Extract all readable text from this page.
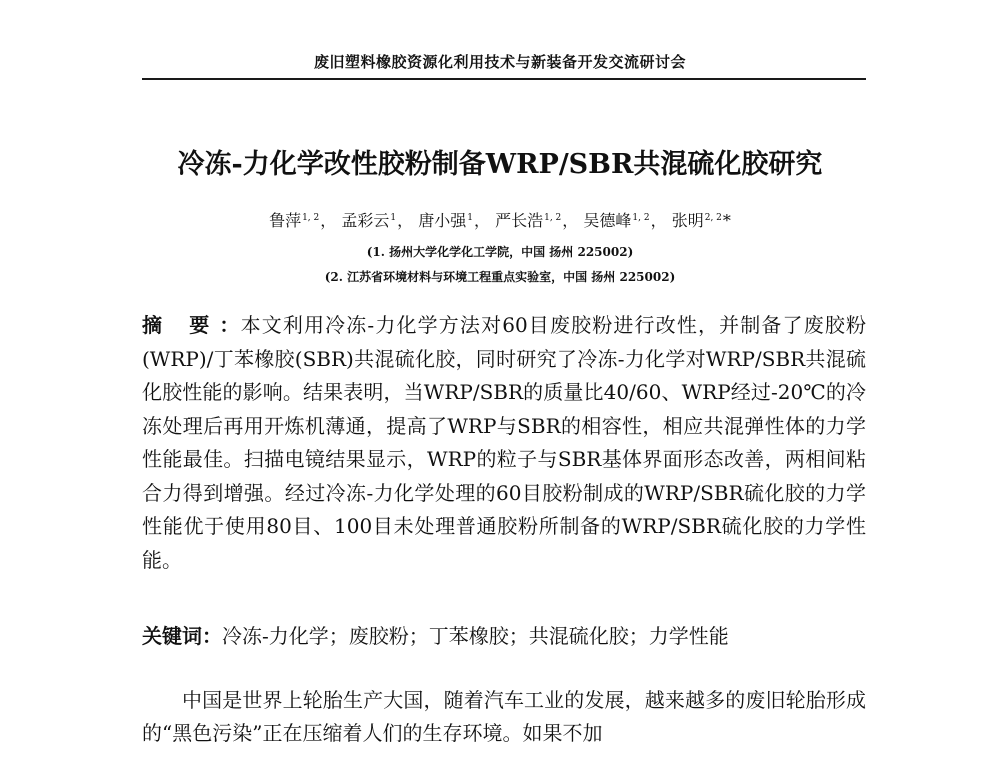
废旧塑料橡胶资源化利用技术与新装备开发交流研讨会
冷冻-力化学改性胶粉制备WRP/SBR共混硫化胶研究
鲁萍$^{1, 2}$， 孟彩云$^1$， 唐小强$^1$， 严长浩$^{1, 2}$， 吴德峰$^{1, 2}$， 张明$^{2, 2}$*
(1. 扬州大学化学化工学院，中国 扬州 225002)
(2. 江苏省环境材料与环境工程重点实验室，中国 扬州 225002)
摘 要：本文利用冷冻-力化学方法对60目废胶粉进行改性，并制备了废胶粉(WRP)/丁苯橡胶(SBR)共混硫化胶，同时研究了冷冻-力化学对WRP/SBR共混硫化胶性能的影响。结果表明，当WRP/SBR的质量比40/60、WRP经过-20℃的冷冻处理后再用开炼机薄通，提高了WRP与SBR的相容性，相应共混弹性体的力学性能最佳。扫描电镜结果显示，WRP的粒子与SBR基体界面形态改善，两相间粘合力得到增强。经过冷冻-力化学处理的60目胶粉制成的WRP/SBR硫化胶的力学性能优于使用80目、100目未处理普通胶粉所制备的WRP/SBR硫化胶的力学性能。
关键词：冷冻-力化学；废胶粉；丁苯橡胶；共混硫化胶；力学性能
中国是世界上轮胎生产大国，随着汽车工业的发展，越来越多的废旧轮胎形成的“黑色污染”正在压缩着人们的生存环境。如果不加
